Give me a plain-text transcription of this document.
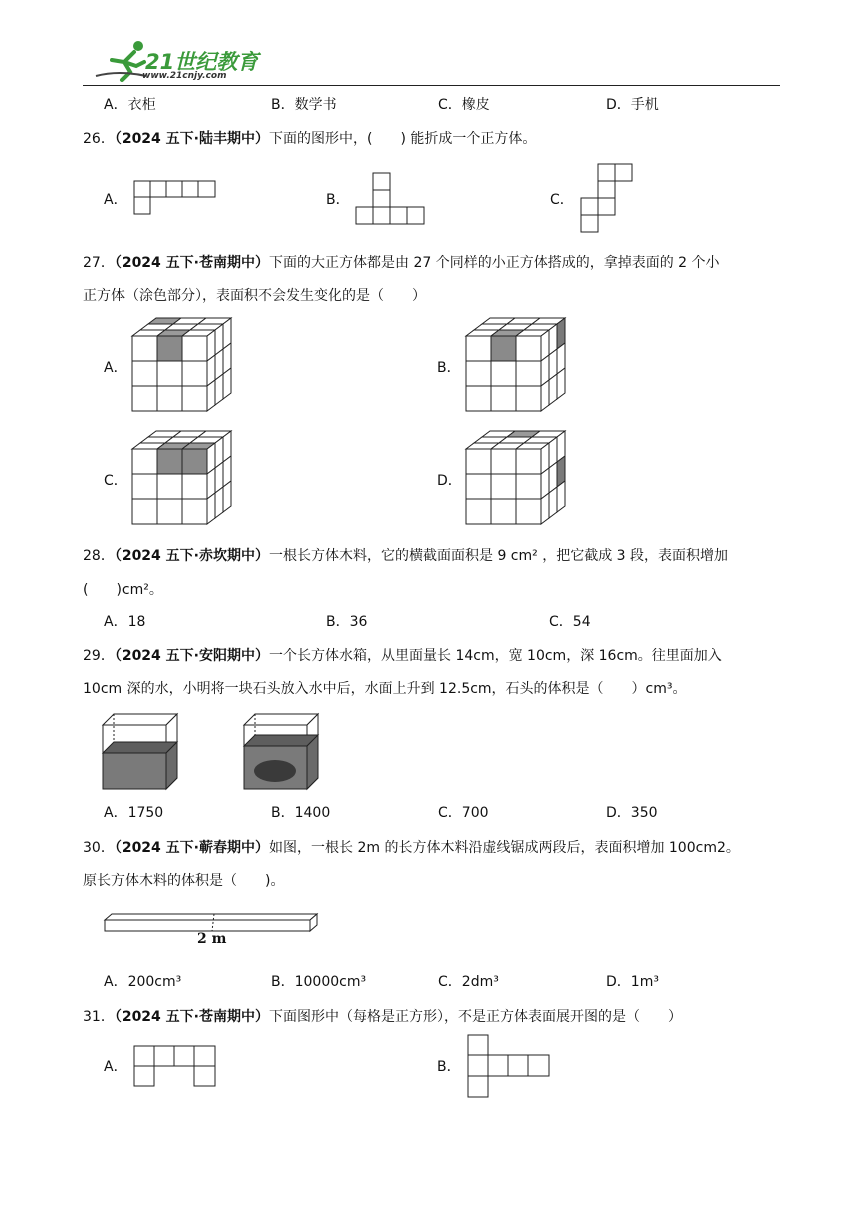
21世纪教育
www.21cnjy.com
A．衣柜	B．数学书	C．橡皮	D．手机
26．（2024 五下·陆丰期中）下面的图形中，(　　) 能折成一个正方体。
A．	B．	C．
27．（2024 五下·苍南期中）下面的大正方体都是由 27 个同样的小正方体搭成的，拿掉表面的 2 个小
正方体（涂色部分），表面积不会发生变化的是（　　）
A．	B．
C．	D．
28．（2024 五下·赤坎期中）一根长方体木料，它的横截面面积是 9 cm² ，把它截成 3 段，表面积增加
(　　)cm²。
A．18	B．36	C．54
29．（2024 五下·安阳期中）一个长方体水箱，从里面量长 14cm，宽 10cm，深 16cm。往里面加入
10cm 深的水，小明将一块石头放入水中后，水面上升到 12.5cm，石头的体积是（　　）cm³。
A．1750	B．1400	C．700	D．350
30．（2024 五下·蕲春期中）如图，一根长 2m 的长方体木料沿虚线锯成两段后，表面积增加 100cm2。
原长方体木料的体积是（　　)。
2 m
A．200cm³	B．10000cm³	C．2dm³	D．1m³
31．（2024 五下·苍南期中）下面图形中（每格是正方形），不是正方体表面展开图的是（　　）
A．	B．
